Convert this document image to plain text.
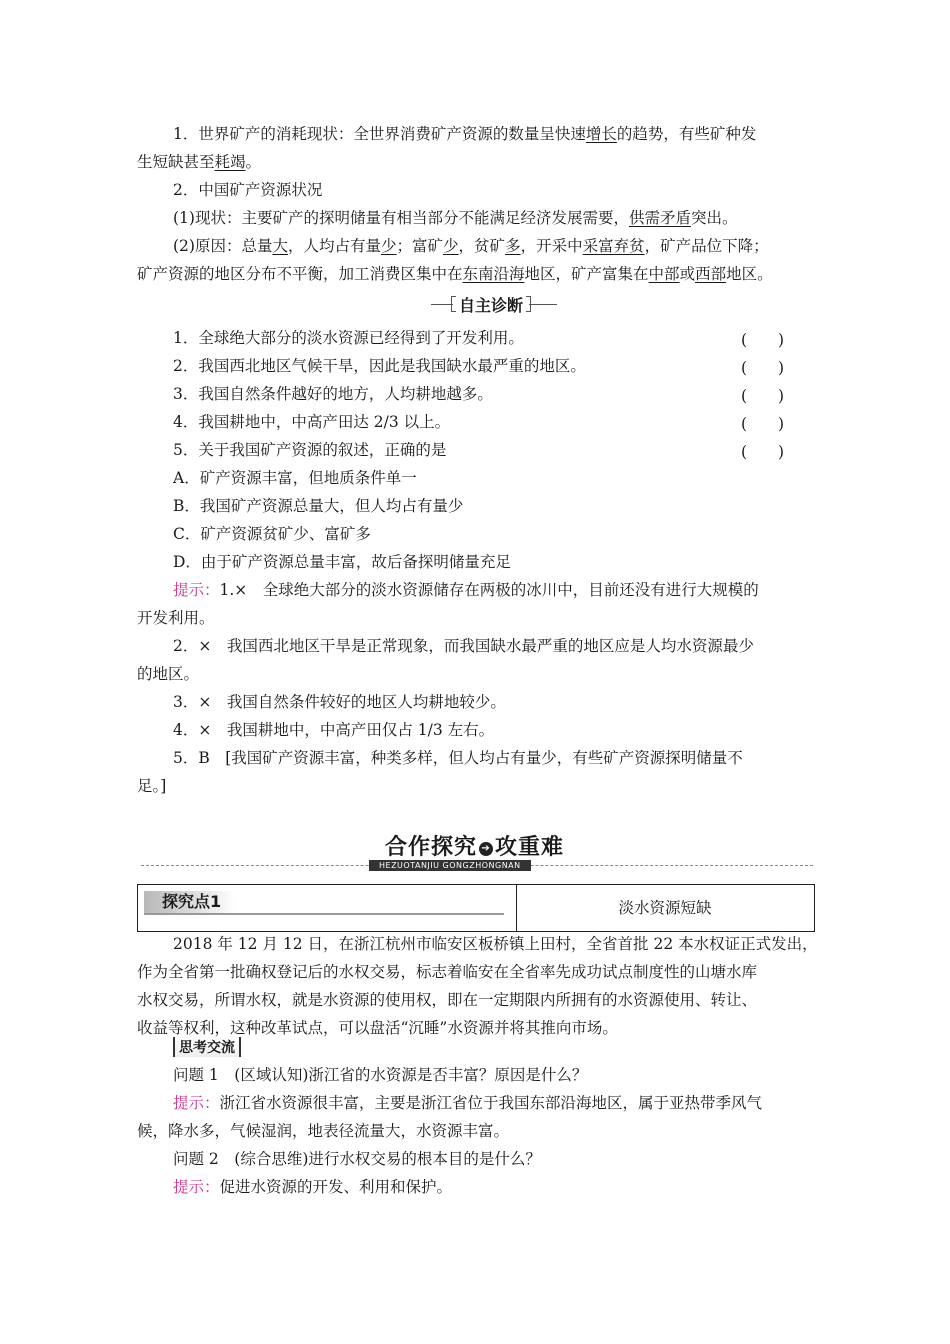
1．世界矿产的消耗现状：全世界消费矿产资源的数量呈快速增长的趋势，有些矿种发
生短缺甚至耗竭。
2．中国矿产资源状况
(1)现状：主要矿产的探明储量有相当部分不能满足经济发展需要，供需矛盾突出。
(2)原因：总量大，人均占有量少；富矿少，贫矿多，开采中采富弃贫，矿产品位下降；
矿产资源的地区分布不平衡，加工消费区集中在东南沿海地区，矿产富集在中部或西部地区。
自主诊断
1．全球绝大部分的淡水资源已经得到了开发利用。	(　　)
2．我国西北地区气候干旱，因此是我国缺水最严重的地区。	(　　)
3．我国自然条件越好的地方，人均耕地越多。	(　　)
4．我国耕地中，中高产田达 2/3 以上。	(　　)
5．关于我国矿产资源的叙述，正确的是	(　　)
A．矿产资源丰富，但地质条件单一
B．我国矿产资源总量大，但人均占有量少
C．矿产资源贫矿少、富矿多
D．由于矿产资源总量丰富，故后备探明储量充足
提示：1.×　全球绝大部分的淡水资源储存在两极的冰川中，目前还没有进行大规模的
开发利用。
2．×　我国西北地区干旱是正常现象，而我国缺水最严重的地区应是人均水资源最少
的地区。
3．×　我国自然条件较好的地区人均耕地较少。
4．×　我国耕地中，中高产田仅占 1/3 左右。
5．B　[我国矿产资源丰富，种类多样，但人均占有量少，有些矿产资源探明储量不
足。]
合作探究 ➔ 攻重难
HEZUOTANJIU GONGZHONGNAN
探究点1	淡水资源短缺
2018 年 12 月 12 日，在浙江杭州市临安区板桥镇上田村，全省首批 22 本水权证正式发出，
作为全省第一批确权登记后的水权交易，标志着临安在全省率先成功试点制度性的山塘水库
水权交易，所谓水权，就是水资源的使用权，即在一定期限内所拥有的水资源使用、转让、
收益等权利，这种改革试点，可以盘活“沉睡”水资源并将其推向市场。
思考交流
问题 1　(区域认知)浙江省的水资源是否丰富？原因是什么？
提示：浙江省水资源很丰富，主要是浙江省位于我国东部沿海地区，属于亚热带季风气
候，降水多，气候湿润，地表径流量大，水资源丰富。
问题 2　(综合思维)进行水权交易的根本目的是什么？
提示：促进水资源的开发、利用和保护。
